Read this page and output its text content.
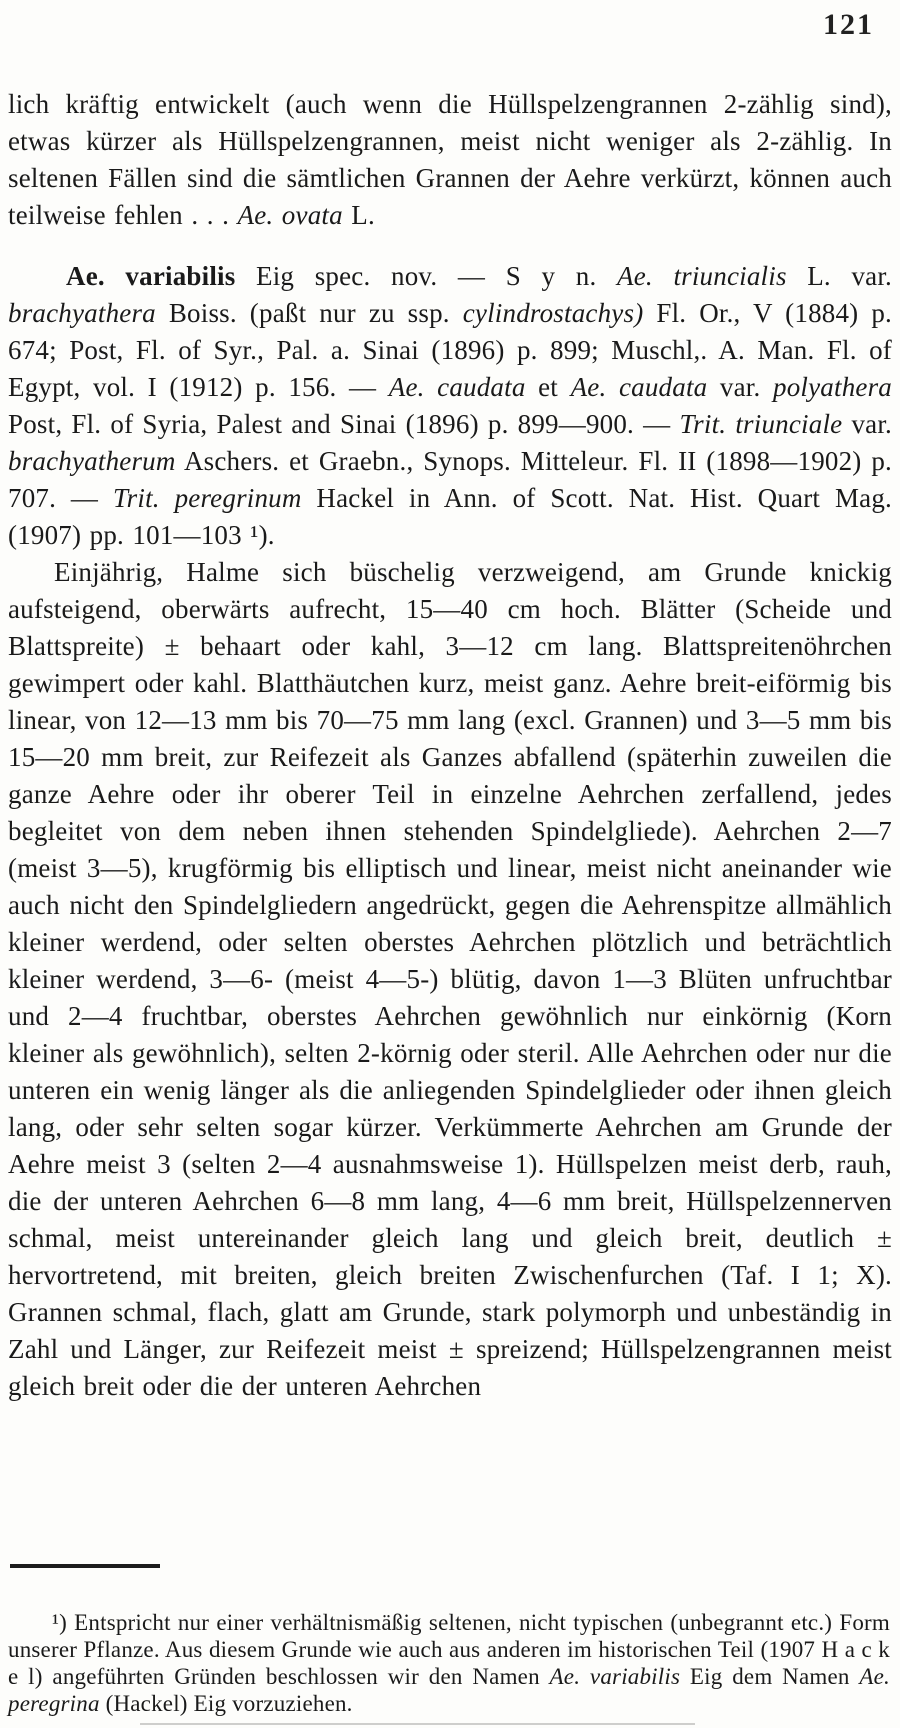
121

lich kräftig entwickelt (auch wenn die Hüllspelzengrannen 2-zählig sind), etwas kürzer als Hüllspelzengrannen, meist nicht weniger als 2-zählig. In seltenen Fällen sind die sämtlichen Grannen der Aehre verkürzt, können auch teilweise fehlen . . . Ae. ovata L.

Ae. variabilis Eig spec. nov. — S y n. Ae. triuncialis L. var. brachyathera Boiss. (paßt nur zu ssp. cylindrostachys) Fl. Or., V (1884) p. 674; Post, Fl. of Syr., Pal. a. Sinai (1896) p. 899; Muschl,. A. Man. Fl. of Egypt, vol. I (1912) p. 156. — Ae. caudata et Ae. caudata var. polyathera Post, Fl. of Syria, Palest and Sinai (1896) p. 899—900. — Trit. triunciale var. brachyatherum Aschers. et Graebn., Synops. Mitteleur. Fl. II (1898—1902) p. 707. — Trit. peregrinum Hackel in Ann. of Scott. Nat. Hist. Quart Mag. (1907) pp. 101—103 ¹).

Einjährig, Halme sich büschelig verzweigend, am Grunde knickig aufsteigend, oberwärts aufrecht, 15—40 cm hoch. Blätter (Scheide und Blattspreite) ± behaart oder kahl, 3—12 cm lang. Blattspreitenöhrchen gewimpert oder kahl. Blatthäutchen kurz, meist ganz. Aehre breit-eiförmig bis linear, von 12—13 mm bis 70—75 mm lang (excl. Grannen) und 3—5 mm bis 15—20 mm breit, zur Reifezeit als Ganzes abfallend (späterhin zuweilen die ganze Aehre oder ihr oberer Teil in einzelne Aehrchen zerfallend, jedes begleitet von dem neben ihnen stehenden Spindelgliede). Aehrchen 2—7 (meist 3—5), krugförmig bis elliptisch und linear, meist nicht aneinander wie auch nicht den Spindelgliedern angedrückt, gegen die Aehrenspitze allmählich kleiner werdend, oder selten oberstes Aehrchen plötzlich und beträchtlich kleiner werdend, 3—6- (meist 4—5-) blütig, davon 1—3 Blüten unfruchtbar und 2—4 fruchtbar, oberstes Aehrchen gewöhnlich nur einkörnig (Korn kleiner als gewöhnlich), selten 2-körnig oder steril. Alle Aehrchen oder nur die unteren ein wenig länger als die anliegenden Spindelglieder oder ihnen gleich lang, oder sehr selten sogar kürzer. Verkümmerte Aehrchen am Grunde der Aehre meist 3 (selten 2—4 ausnahmsweise 1). Hüllspelzen meist derb, rauh, die der unteren Aehrchen 6—8 mm lang, 4—6 mm breit, Hüllspelzennerven schmal, meist untereinander gleich lang und gleich breit, deutlich ± hervortretend, mit breiten, gleich breiten Zwischenfurchen (Taf. I 1; X). Grannen schmal, flach, glatt am Grunde, stark polymorph und unbeständig in Zahl und Länger, zur Reifezeit meist ± spreizend; Hüllspelzengrannen meist gleich breit oder die der unteren Aehrchen

¹) Entspricht nur einer verhältnismäßig seltenen, nicht typischen (unbegrannt etc.) Form unserer Pflanze. Aus diesem Grunde wie auch aus anderen im historischen Teil (1907 H a c k e l) angeführten Gründen beschlossen wir den Namen Ae. variabilis Eig dem Namen Ae. peregrina (Hackel) Eig vorzuziehen.
